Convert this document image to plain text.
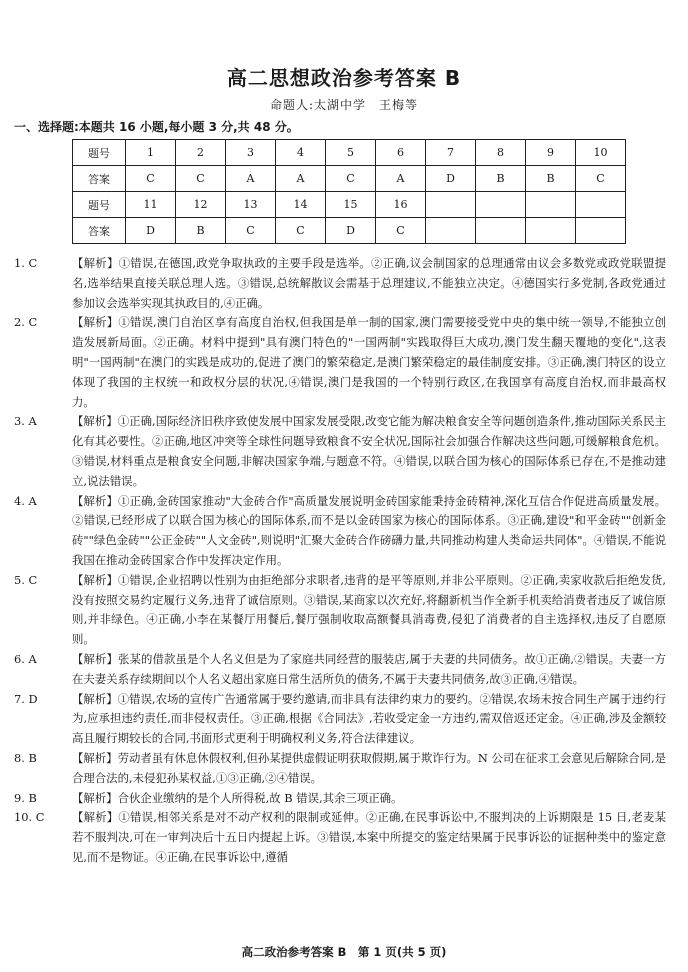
高二思想政治参考答案 B
命题人:太湖中学　王梅等
一、选择题:本题共 16 小题,每小题 3 分,共 48 分。
题号	1	2	3	4	5	6	7	8	9	10
答案	C	C	A	A	C	A	D	B	B	C
题号	11	12	13	14	15	16				
答案	D	B	C	C	D	C				
1. C	【解析】①错误,在德国,政党争取执政的主要手段是选举。②正确,议会制国家的总理通常由议会多数党或政党联盟提名,选举结果直接关联总理人选。③错误,总统解散议会需基于总理建议,不能独立决定。④德国实行多党制,各政党通过参加议会选举实现其执政目的,④正确。
2. C	【解析】①错误,澳门自治区享有高度自治权,但我国是单一制的国家,澳门需要接受党中央的集中统一领导,不能独立创造发展新局面。②正确。材料中提到"具有澳门特色的"一国两制"实践取得巨大成功,澳门发生翻天覆地的变化",这表明"一国两制"在澳门的实践是成功的,促进了澳门的繁荣稳定,是澳门繁荣稳定的最佳制度安排。③正确,澳门特区的设立体现了我国的主权统一和政权分层的状况,④错误,澳门是我国的一个特别行政区,在我国享有高度自治权,而非最高权力。
3. A	【解析】①正确,国际经济旧秩序致使发展中国家发展受限,改变它能为解决粮食安全等问题创造条件,推动国际关系民主化有其必要性。②正确,地区冲突等全球性问题导致粮食不安全状况,国际社会加强合作解决这些问题,可缓解粮食危机。③错误,材料重点是粮食安全问题,非解决国家争端,与题意不符。④错误,以联合国为核心的国际体系已存在,不是推动建立,说法错误。
4. A	【解析】①正确,金砖国家推动"大金砖合作"高质量发展说明金砖国家能秉持金砖精神,深化互信合作促进高质量发展。②错误,已经形成了以联合国为核心的国际体系,而不是以金砖国家为核心的国际体系。③正确,建设"和平金砖""创新金砖""绿色金砖""公正金砖""人文金砖",则说明"汇聚大金砖合作磅礴力量,共同推动构建人类命运共同体"。④错误,不能说我国在推动金砖国家合作中发挥决定作用。
5. C	【解析】①错误,企业招聘以性别为由拒绝部分求职者,违背的是平等原则,并非公平原则。②正确,卖家收款后拒绝发货,没有按照交易约定履行义务,违背了诚信原则。③错误,某商家以次充好,将翻新机当作全新手机卖给消费者违反了诚信原则,并非绿色。④正确,小李在某餐厅用餐后,餐厅强制收取高额餐具消毒费,侵犯了消费者的自主选择权,违反了自愿原则。
6. A	【解析】张某的借款虽是个人名义但是为了家庭共同经营的服装店,属于夫妻的共同债务。故①正确,②错误。夫妻一方在夫妻关系存续期间以个人名义超出家庭日常生活所负的债务,不属于夫妻共同债务,故③正确,④错误。
7. D	【解析】①错误,农场的宣传广告通常属于要约邀请,而非具有法律约束力的要约。②错误,农场未按合同生产属于违约行为,应承担违约责任,而非侵权责任。③正确,根据《合同法》,若收受定金一方违约,需双倍返还定金。④正确,涉及金额较高且履行期较长的合同,书面形式更利于明确权利义务,符合法律建议。
8. B	【解析】劳动者虽有休息休假权利,但孙某提供虚假证明获取假期,属于欺诈行为。N 公司在征求工会意见后解除合同,是合理合法的,未侵犯孙某权益,①③正确,②④错误。
9. B	【解析】合伙企业缴纳的是个人所得税,故 B 错误,其余三项正确。
10. C	【解析】①错误,相邻关系是对不动产权利的限制或延伸。②正确,在民事诉讼中,不服判决的上诉期限是 15 日,老麦某若不服判决,可在一审判决后十五日内提起上诉。③错误,本案中所提交的鉴定结果属于民事诉讼的证据种类中的鉴定意见,而不是物证。④正确,在民事诉讼中,遵循
高二政治参考答案 B　第 1 页(共 5 页)
